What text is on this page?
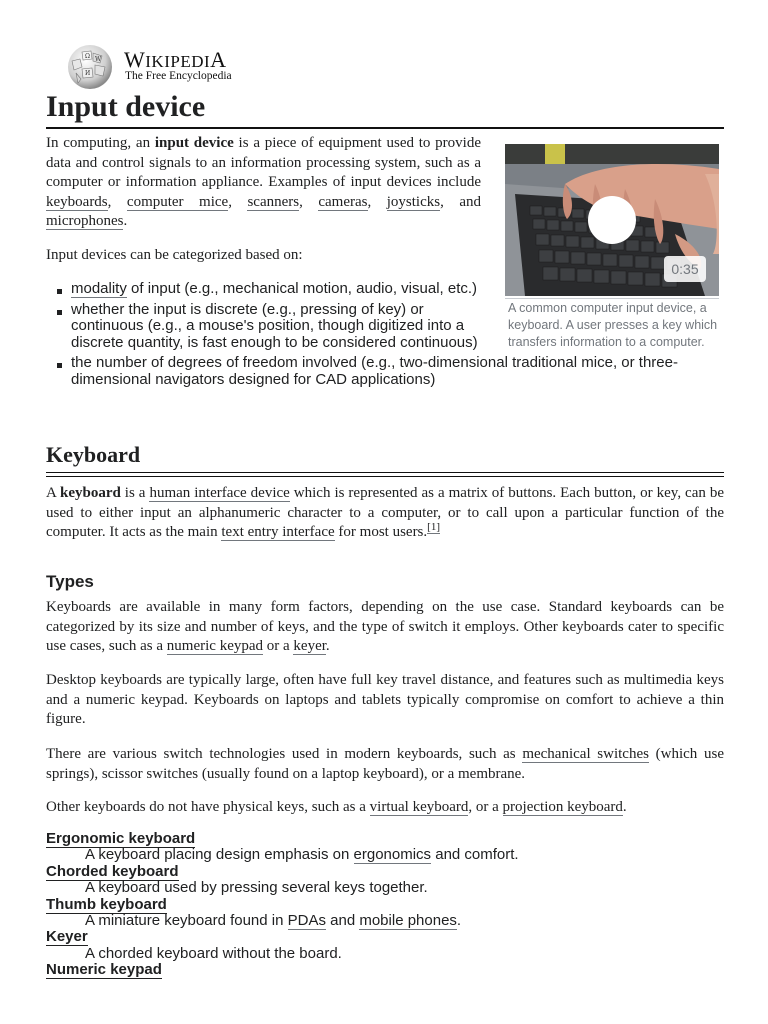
Ω W
И
WIKIPEDIA
The Free Encyclopedia
Input device

In computing, an input device is a piece of equipment used to provide data and control signals to an information processing system, such as a computer or information appliance. Examples of input devices include keyboards, computer mice, scanners, cameras, joysticks, and microphones.

Input devices can be categorized based on:

modality of input (e.g., mechanical motion, audio, visual, etc.)
whether the input is discrete (e.g., pressing of key) or continuous (e.g., a mouse's position, though digitized into a discrete quantity, is fast enough to be considered continuous)
the number of degrees of freedom involved (e.g., two-dimensional traditional mice, or three-dimensional navigators designed for CAD applications)
0:35
A common computer input device, a keyboard. A user presses a key which transfers information to a computer.
Keyboard

A keyboard is a human interface device which is represented as a matrix of buttons. Each button, or key, can be used to either input an alphanumeric character to a computer, or to call upon a particular function of the computer. It acts as the main text entry interface for most users.[1]

Types

Keyboards are available in many form factors, depending on the use case. Standard keyboards can be categorized by its size and number of keys, and the type of switch it employs. Other keyboards cater to specific use cases, such as a numeric keypad or a keyer.

Desktop keyboards are typically large, often have full key travel distance, and features such as multimedia keys and a numeric keypad. Keyboards on laptops and tablets typically compromise on comfort to achieve a thin figure.

There are various switch technologies used in modern keyboards, such as mechanical switches (which use springs), scissor switches (usually found on a laptop keyboard), or a membrane.

Other keyboards do not have physical keys, such as a virtual keyboard, or a projection keyboard.

Ergonomic keyboard
A keyboard placing design emphasis on ergonomics and comfort.
Chorded keyboard
A keyboard used by pressing several keys together.
Thumb keyboard
A miniature keyboard found in PDAs and mobile phones.
Keyer
A chorded keyboard without the board.
Numeric keypad
